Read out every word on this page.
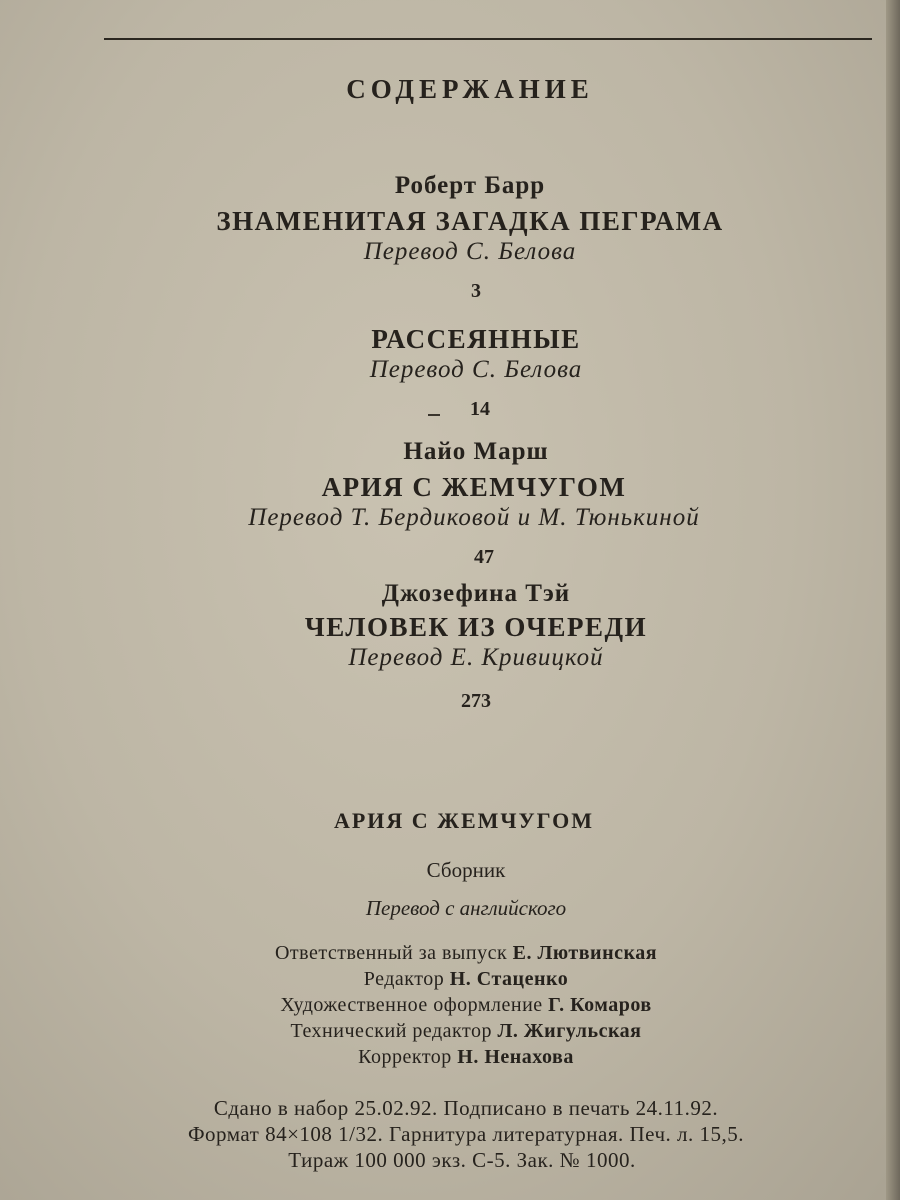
СОДЕРЖАНИЕ
Роберт Барр
ЗНАМЕНИТАЯ ЗАГАДКА ПЕГРАМА
Перевод С. Белова
3
РАССЕЯННЫЕ
Перевод С. Белова
14
Найо Марш
АРИЯ С ЖЕМЧУГОМ
Перевод Т. Бердиковой и М. Тюнькиной
47
Джозефина Тэй
ЧЕЛОВЕК ИЗ ОЧЕРЕДИ
Перевод Е. Кривицкой
273
АРИЯ С ЖЕМЧУГОМ
Сборник
Перевод с английского
Ответственный за выпуск Е. Лютвинская
Редактор Н. Стаценко
Художественное оформление Г. Комаров
Технический редактор Л. Жигульская
Корректор Н. Ненахова
Сдано в набор 25.02.92. Подписано в печать 24.11.92.
Формат 84×108 1/32. Гарнитура литературная. Печ. л. 15,5.
Тираж 100 000 экз. С-5. Зак. № 1000.
